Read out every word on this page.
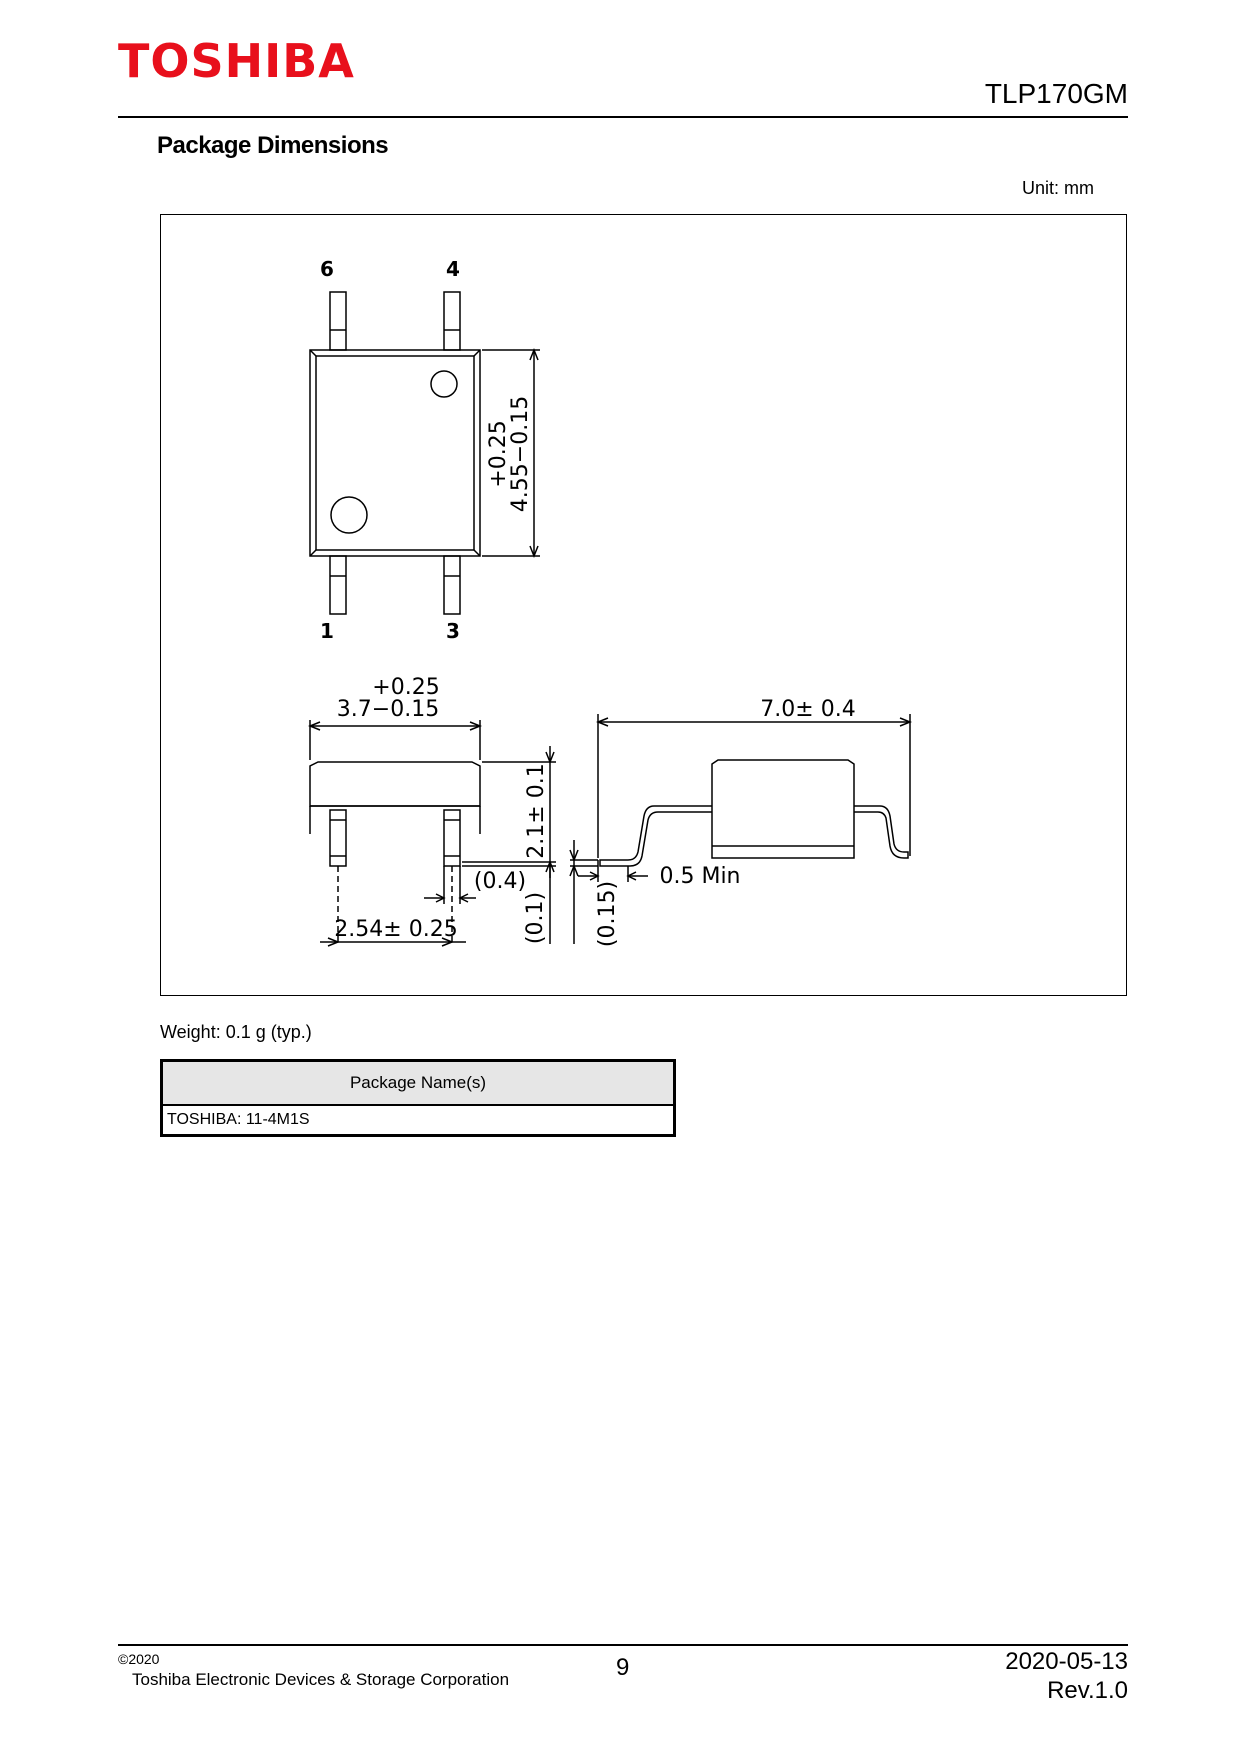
TOSHIBA
TLP170GM
Package Dimensions
Unit: mm
6	4
1	3
+0.25
4.55−0.15
+0.25
3.7−0.15	7.0± 0.4
2.1± 0.1
(0.4)
(0.1)
2.54± 0.25
0.5 Min
(0.15)
Weight: 0.1 g (typ.)
Package Name(s)
TOSHIBA: 11-4M1S
©2020
Toshiba Electronic Devices & Storage Corporation	9	2020-05-13
Rev.1.0
